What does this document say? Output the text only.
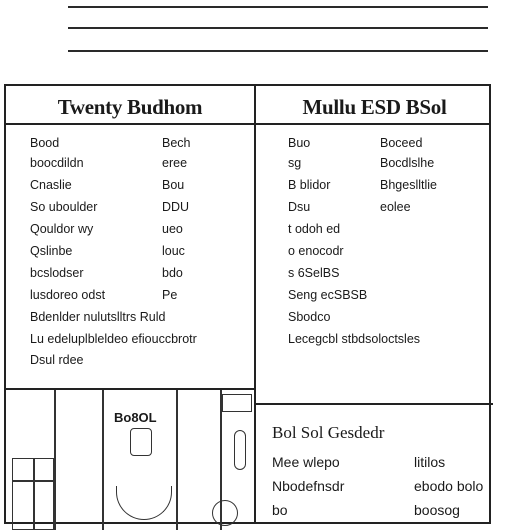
Twenty Budhom	Mullu ESD BSol
Bood	Bech
boocdildn	eree
Cnaslie	Bou
So uboulder	DDU
Qouldor wy	ueo
Qslinbe	louc
bcslodser	bdo
lusdoreo odst	Pe
Bdenlder nulutslltrs Ruld
Lu edeluplbleldeo efiouccbrotr
Dsul rdee
Buo	Boceed
sg	Bocdlslhe
B blidor	Bhgeslltlie
Dsu	eolee
t odoh ed
o enocodr
s 6SelBS
Seng ecSBSB
Sbodco
Lecegcbl stbdsoloctsles
Bo8OL
Bol Sol Gesdedr
Mee wlepo	litilos
Nbodefnsdr	ebodo bolo
bo	boosog
